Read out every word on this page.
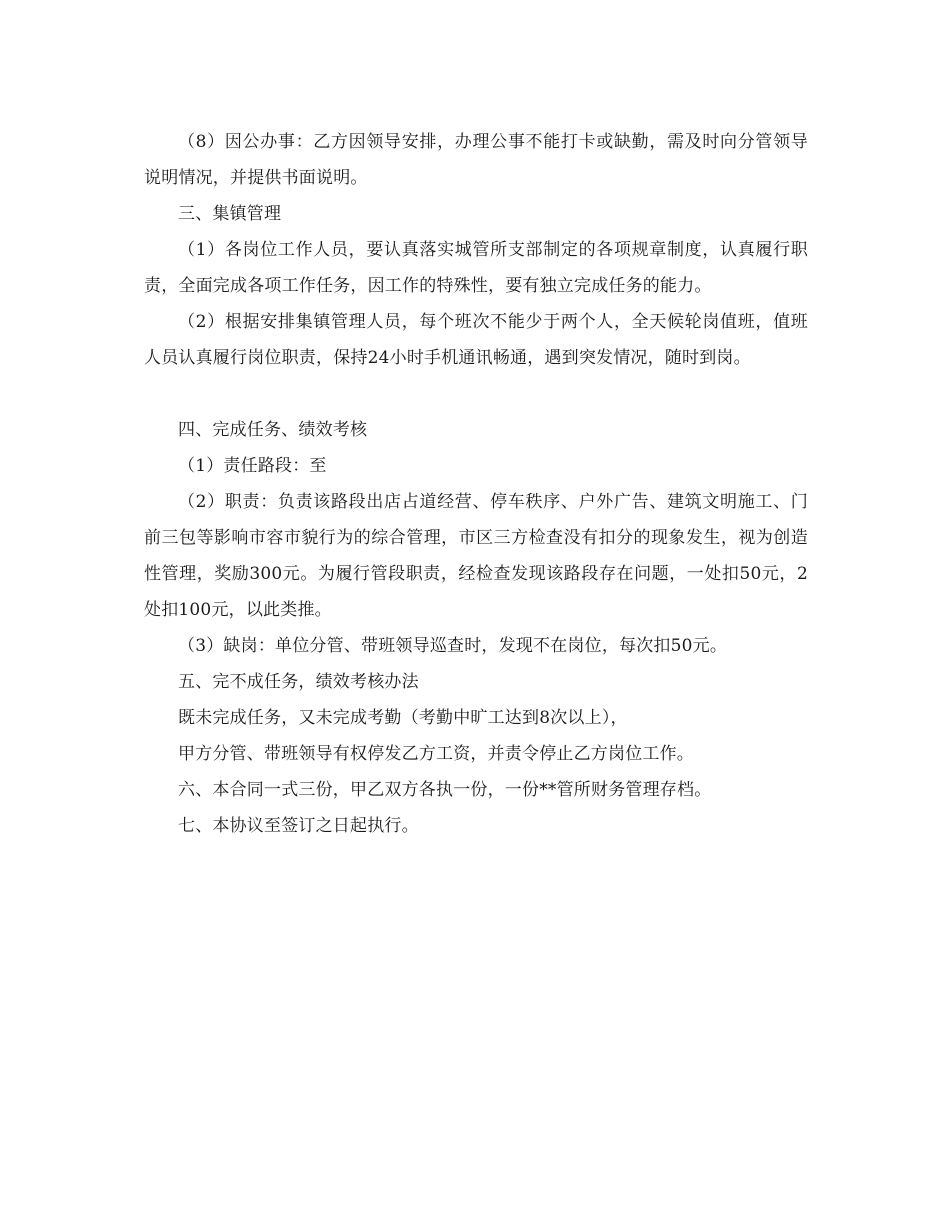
（8）因公办事：乙方因领导安排，办理公事不能打卡或缺勤，需及时向分管领导说明情况，并提供书面说明。

三、集镇管理

（1）各岗位工作人员，要认真落实城管所支部制定的各项规章制度，认真履行职责，全面完成各项工作任务，因工作的特殊性，要有独立完成任务的能力。

（2）根据安排集镇管理人员，每个班次不能少于两个人，全天候轮岗值班，值班人员认真履行岗位职责，保持24小时手机通讯畅通，遇到突发情况，随时到岗。

四、完成任务、绩效考核

（1）责任路段：至

（2）职责：负责该路段出店占道经营、停车秩序、户外广告、建筑文明施工、门前三包等影响市容市貌行为的综合管理，市区三方检查没有扣分的现象发生，视为创造性管理，奖励300元。为履行管段职责，经检查发现该路段存在问题，一处扣50元，2处扣100元，以此类推。

（3）缺岗：单位分管、带班领导巡查时，发现不在岗位，每次扣50元。

五、完不成任务，绩效考核办法

既未完成任务，又未完成考勤（考勤中旷工达到8次以上），

甲方分管、带班领导有权停发乙方工资，并责令停止乙方岗位工作。

六、本合同一式三份，甲乙双方各执一份，一份**管所财务管理存档。

七、本协议至签订之日起执行。
